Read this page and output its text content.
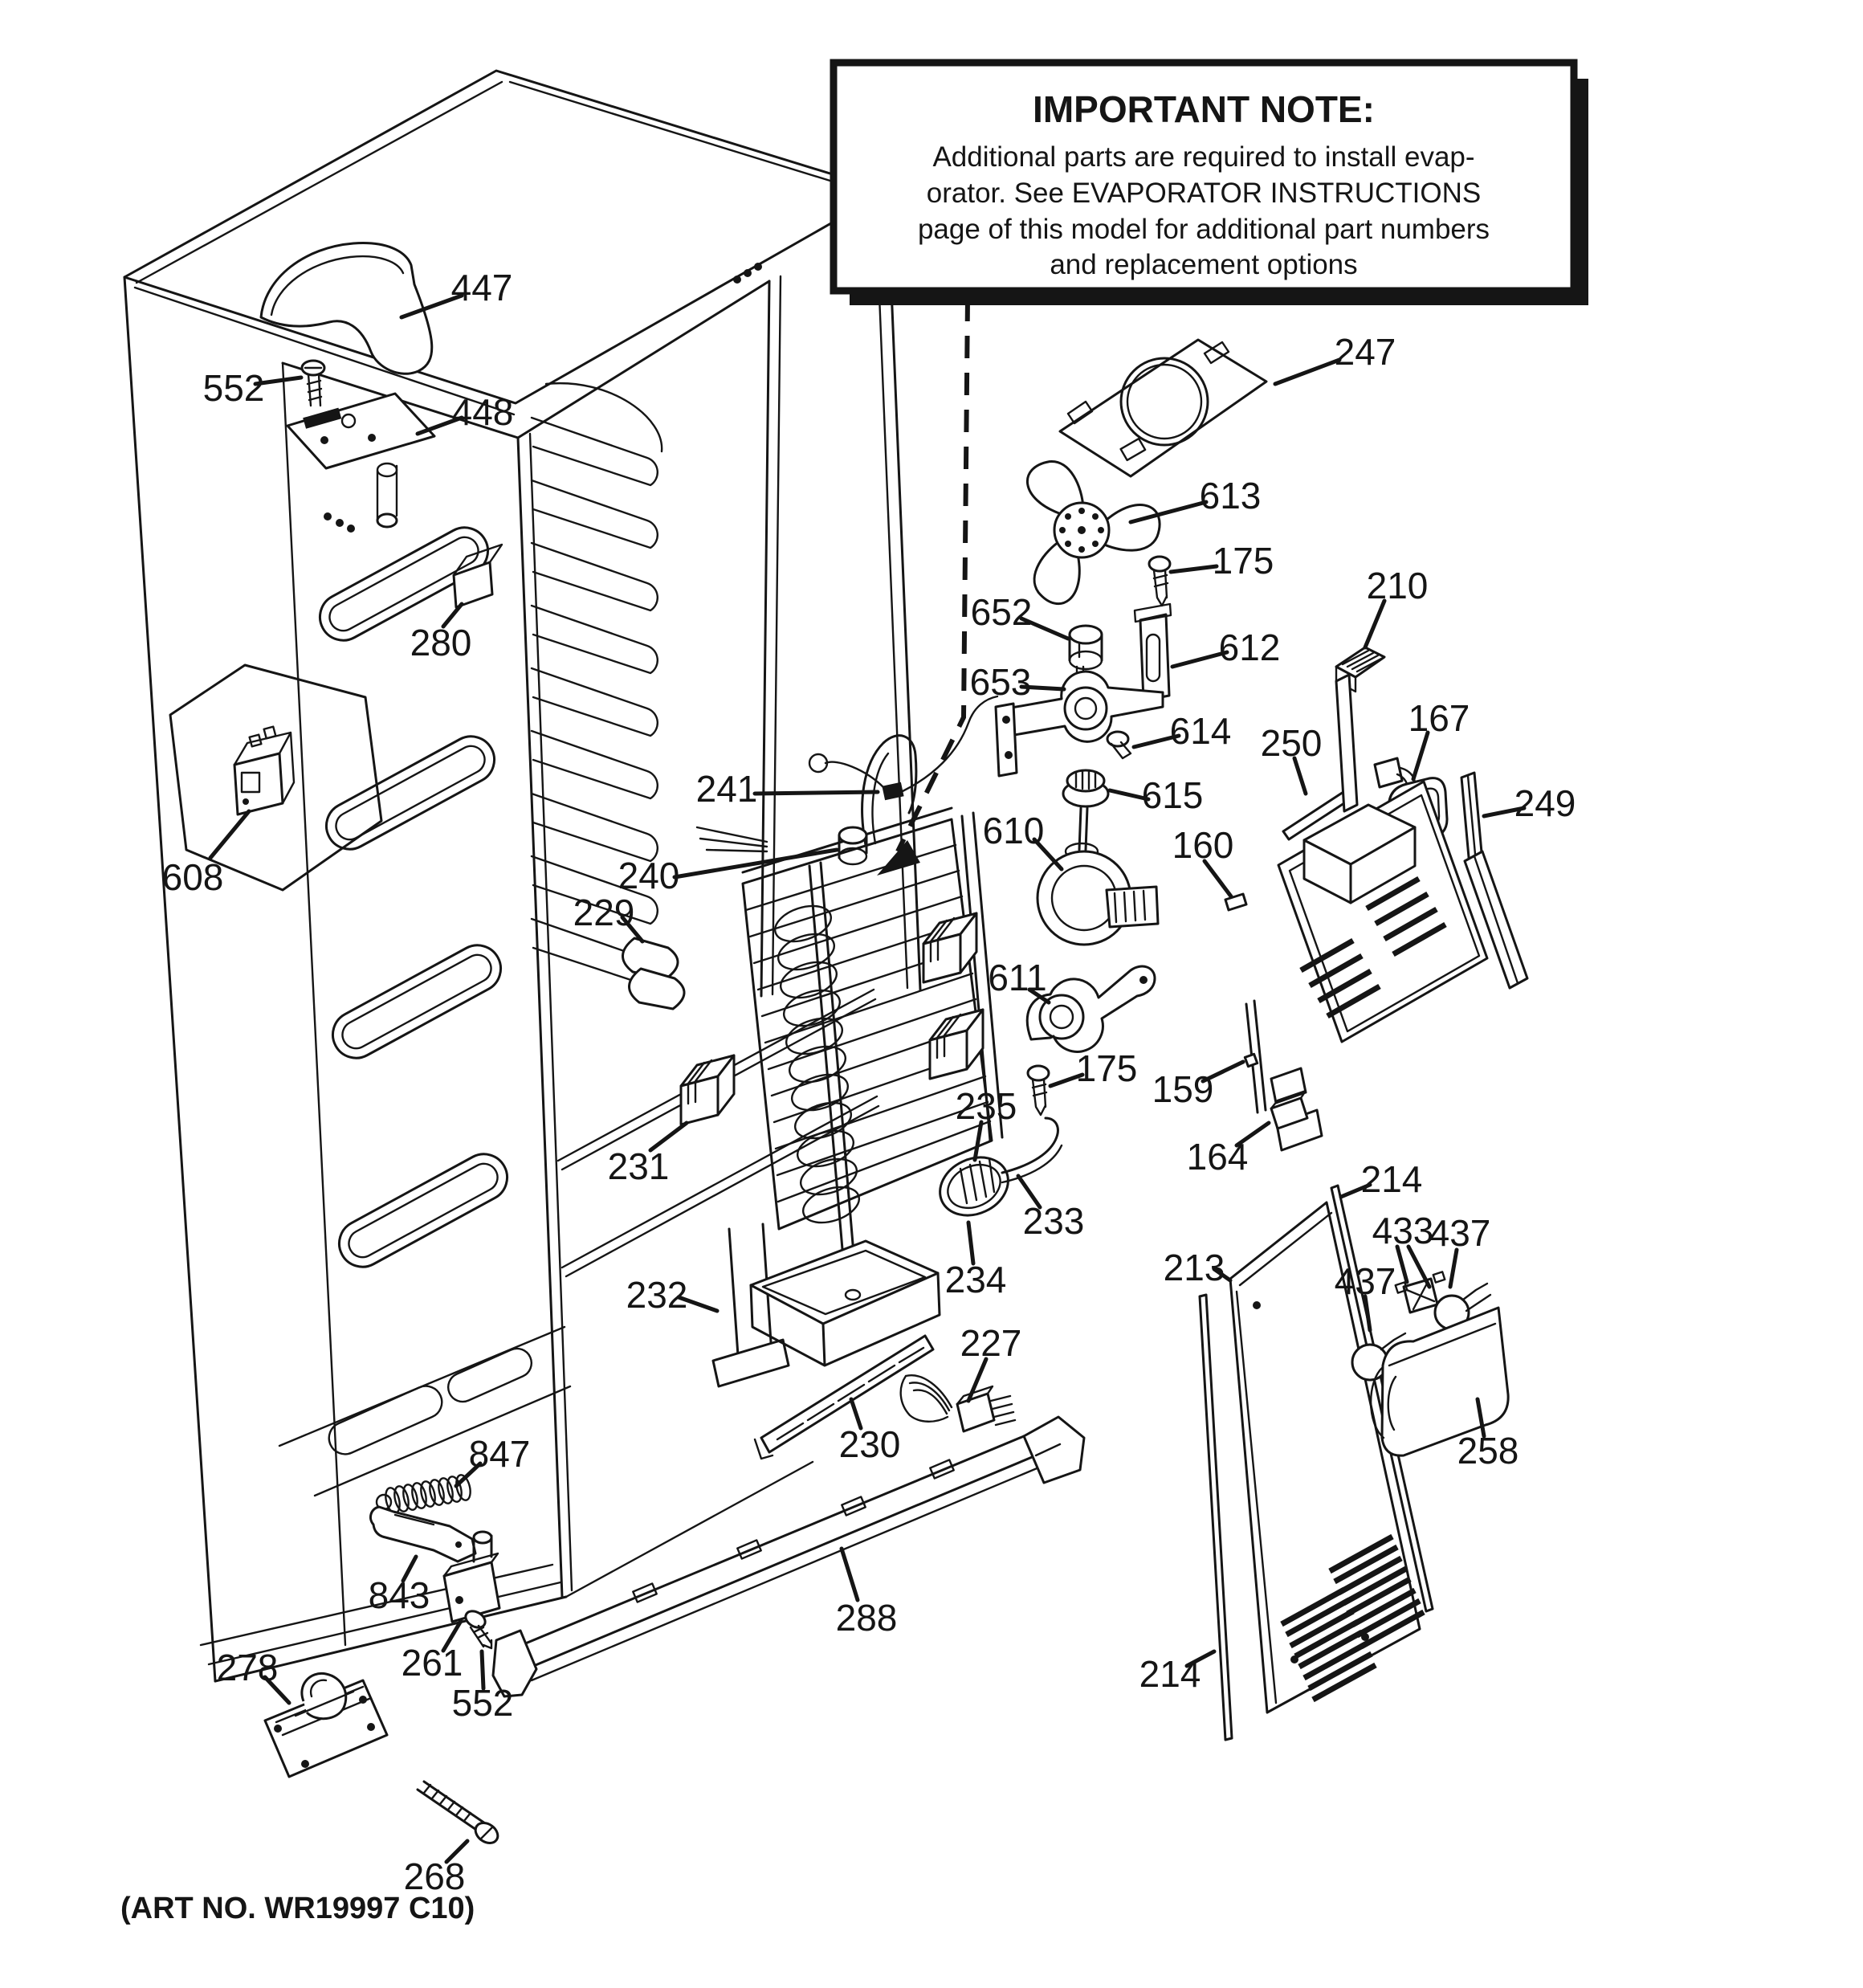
IMPORTANT NOTE:
Additional parts are required to install evap-
orator. See EVAPORATOR INSTRUCTIONS
page of this model for additional part numbers
and replacement options
447
552
448
280
608
241
240
229
231
232
230
227
235
234
233
175
247
613
175
652
653
612
614
615
610	160
611
250
210
167
249
159
164
213
214
433
437
437
258
214
847
843
261
552
278
268
288
(ART NO. WR19997 C10)
